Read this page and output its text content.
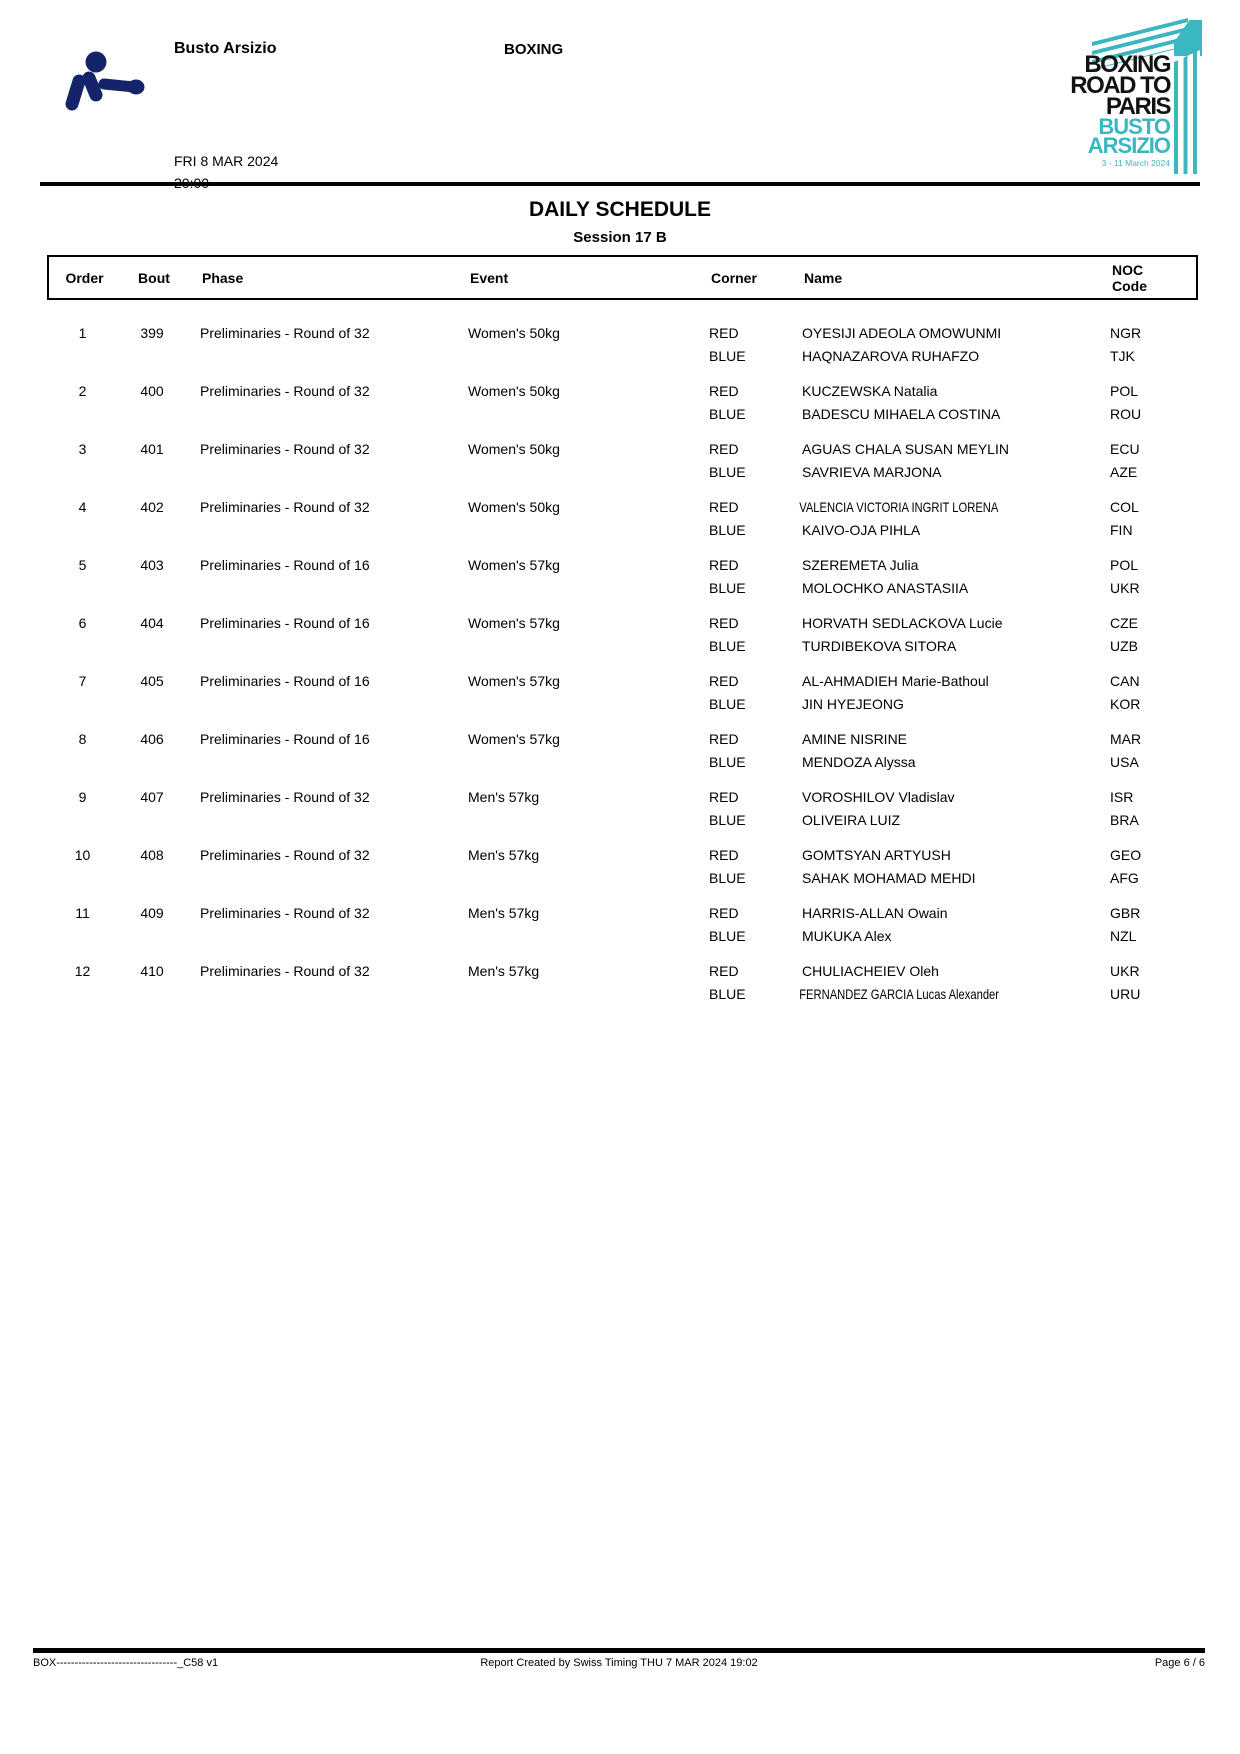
Busto Arsizio	BOXING
FRI 8 MAR 2024
BOXING
ROAD TO
PARIS
BUSTO
ARSIZIO
3 - 11 March 2024
DAILY SCHEDULE
Session 17 B
Order	Bout	Phase	Event	Corner	Name	NOC
Code
1	399	Preliminaries - Round of 32	Women's 50kg	RED	OYESIJI ADEOLA OMOWUNMI	NGR
BLUE	HAQNAZAROVA RUHAFZO	TJK
2	400	Preliminaries - Round of 32	Women's 50kg	RED	KUCZEWSKA Natalia	POL
BLUE	BADESCU MIHAELA COSTINA	ROU
3	401	Preliminaries - Round of 32	Women's 50kg	RED	AGUAS CHALA SUSAN MEYLIN	ECU
BLUE	SAVRIEVA MARJONA	AZE
4	402	Preliminaries - Round of 32	Women's 50kg	RED	VALENCIA VICTORIA INGRIT LORENA	COL
BLUE	KAIVO-OJA PIHLA	FIN
5	403	Preliminaries - Round of 16	Women's 57kg	RED	SZEREMETA Julia	POL
BLUE	MOLOCHKO ANASTASIIA	UKR
6	404	Preliminaries - Round of 16	Women's 57kg	RED	HORVATH SEDLACKOVA Lucie	CZE
BLUE	TURDIBEKOVA SITORA	UZB
7	405	Preliminaries - Round of 16	Women's 57kg	RED	AL-AHMADIEH Marie-Bathoul	CAN
BLUE	JIN HYEJEONG	KOR
8	406	Preliminaries - Round of 16	Women's 57kg	RED	AMINE NISRINE	MAR
BLUE	MENDOZA Alyssa	USA
9	407	Preliminaries - Round of 32	Men's 57kg	RED	VOROSHILOV Vladislav	ISR
BLUE	OLIVEIRA LUIZ	BRA
10	408	Preliminaries - Round of 32	Men's 57kg	RED	GOMTSYAN ARTYUSH	GEO
BLUE	SAHAK MOHAMAD MEHDI	AFG
11	409	Preliminaries - Round of 32	Men's 57kg	RED	HARRIS-ALLAN Owain	GBR
BLUE	MUKUKA Alex	NZL
12	410	Preliminaries - Round of 32	Men's 57kg	RED	CHULIACHEIEV Oleh	UKR
BLUE	FERNANDEZ GARCIA Lucas Alexander	URU
BOX---------------------------------_C58 v1	Report Created by Swiss Timing THU 7 MAR 2024 19:02	Page 6 / 6
